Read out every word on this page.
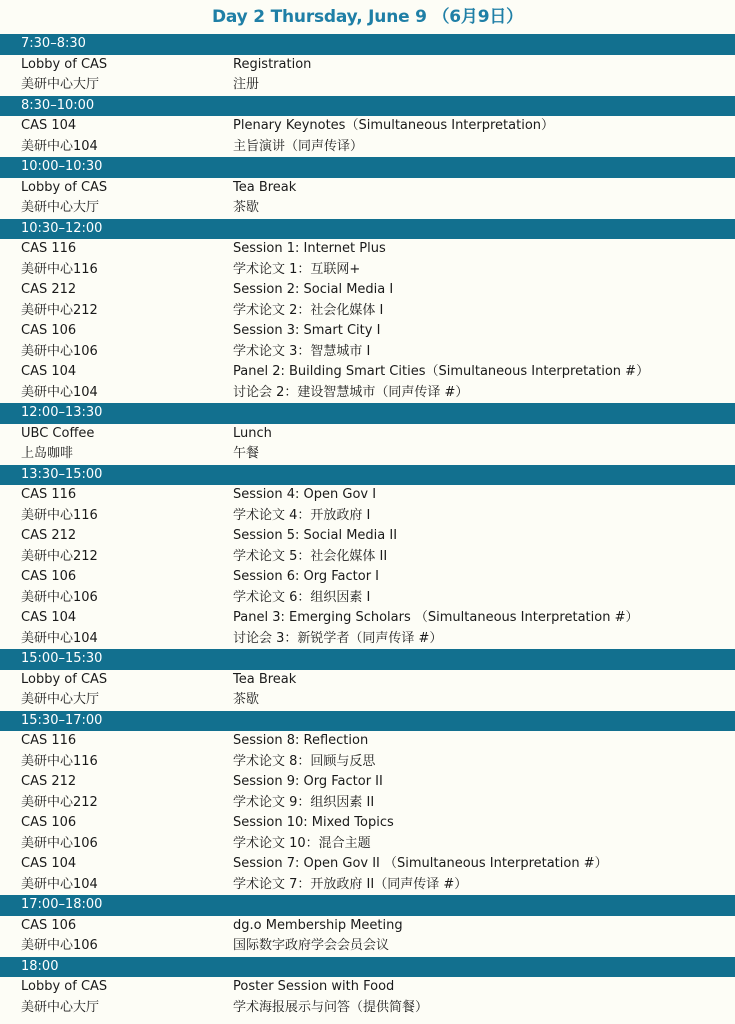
Day 2 Thursday, June 9 （6月9日）
7:30–8:30
Lobby of CAS	Registration
美研中心大厅	注册
8:30–10:00
CAS 104	Plenary Keynotes（Simultaneous Interpretation）
美研中心104	主旨演讲（同声传译）
10:00–10:30
Lobby of CAS	Tea Break
美研中心大厅	茶歇
10:30–12:00
CAS 116	Session 1: Internet Plus
美研中心116	学术论文 1：互联网+
CAS 212	Session 2: Social Media I
美研中心212	学术论文 2：社会化媒体 I
CAS 106	Session 3: Smart City I
美研中心106	学术论文 3：智慧城市 I
CAS 104	Panel 2: Building Smart Cities（Simultaneous Interpretation #）
美研中心104	讨论会 2：建设智慧城市（同声传译 #）
12:00–13:30
UBC Coffee	Lunch
上岛咖啡	午餐
13:30–15:00
CAS 116	Session 4: Open Gov I
美研中心116	学术论文 4：开放政府 I
CAS 212	Session 5: Social Media II
美研中心212	学术论文 5：社会化媒体 II
CAS 106	Session 6: Org Factor I
美研中心106	学术论文 6：组织因素 I
CAS 104	Panel 3: Emerging Scholars （Simultaneous Interpretation #）
美研中心104	讨论会 3：新锐学者（同声传译 #）
15:00–15:30
Lobby of CAS	Tea Break
美研中心大厅	茶歇
15:30–17:00
CAS 116	Session 8: Reflection
美研中心116	学术论文 8：回顾与反思
CAS 212	Session 9: Org Factor II
美研中心212	学术论文 9：组织因素 II
CAS 106	Session 10: Mixed Topics
美研中心106	学术论文 10：混合主题
CAS 104	Session 7: Open Gov II （Simultaneous Interpretation #）
美研中心104	学术论文 7：开放政府 II（同声传译 #）
17:00–18:00
CAS 106	dg.o Membership Meeting
美研中心106	国际数字政府学会会员会议
18:00
Lobby of CAS	Poster Session with Food
美研中心大厅	学术海报展示与问答（提供简餐）
